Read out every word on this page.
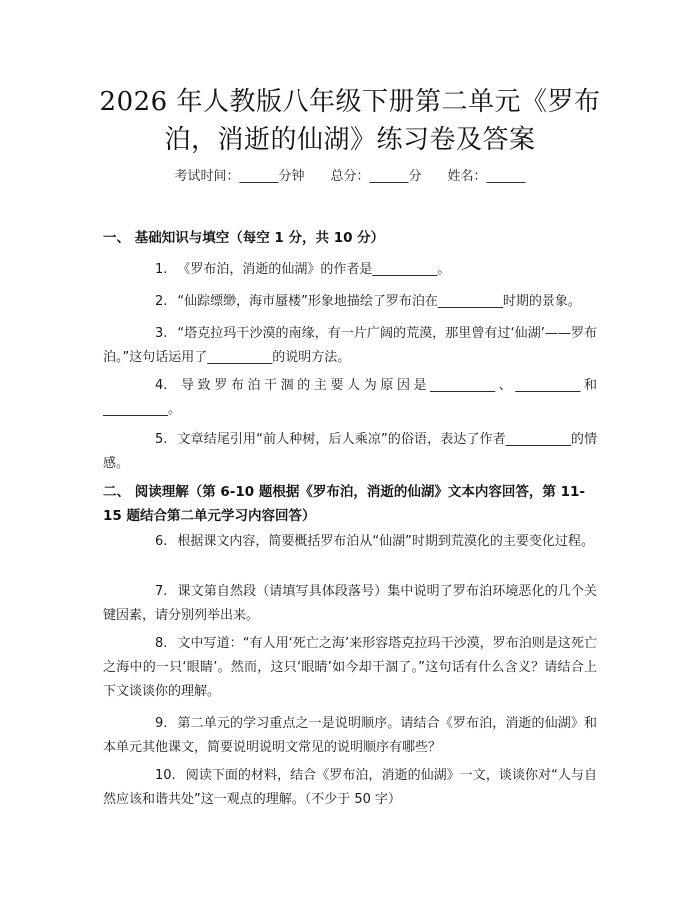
2026 年人教版八年级下册第二单元《罗布
泊，消逝的仙湖》练习卷及答案
考试时间：______分钟 总分：______分 姓名：______
一、 基础知识与填空（每空 1 分，共 10 分）
1. 《罗布泊，消逝的仙湖》的作者是__________。
2. “仙踪缥缈，海市蜃楼”形象地描绘了罗布泊在__________时期的景象。
3. “塔克拉玛干沙漠的南缘，有一片广阔的荒漠，那里曾有过‘仙湖’——罗布泊。”这句话运用了__________的说明方法。
4. 导致罗布泊干涸的主要人为原因是__________、__________和__________。
5. 文章结尾引用“前人种树，后人乘凉”的俗语，表达了作者__________的情感。
二、 阅读理解（第 6-10 题根据《罗布泊，消逝的仙湖》文本内容回答，第 11-15 题结合第二单元学习内容回答）
6. 根据课文内容，简要概括罗布泊从“仙湖”时期到荒漠化的主要变化过程。
7. 课文第自然段（请填写具体段落号）集中说明了罗布泊环境恶化的几个关键因素，请分别列举出来。
8. 文中写道：“有人用‘死亡之海’来形容塔克拉玛干沙漠，罗布泊则是这死亡之海中的一只‘眼睛’。然而，这只‘眼睛’如今却干涸了。”这句话有什么含义？请结合上下文谈谈你的理解。
9. 第二单元的学习重点之一是说明顺序。请结合《罗布泊，消逝的仙湖》和本单元其他课文，简要说明说明文常见的说明顺序有哪些？
10. 阅读下面的材料，结合《罗布泊，消逝的仙湖》一文，谈谈你对“人与自然应该和谐共处”这一观点的理解。（不少于 50 字）
